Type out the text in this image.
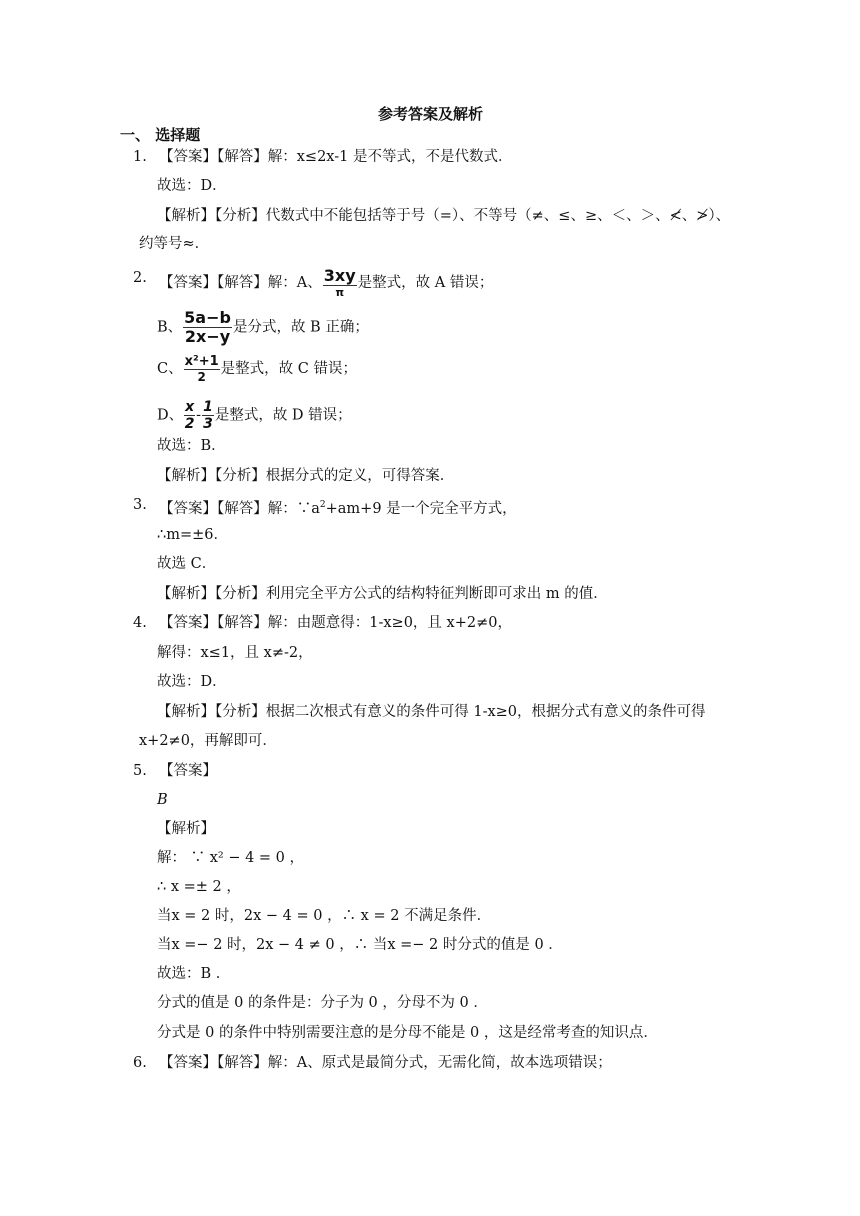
参考答案及解析
一、 选择题
1. 【答案】【解答】解：x≤2x-1 是不等式，不是代数式．
故选：D．
【解析】【分析】代数式中不能包括等于号（=）、不等号（≠、≤、≥、＜、＞、≮、≯）、
约等号≈．
2. 【答案】【解答】解：A、 $\frac{3xy}{\pi}$ 是整式，故 A 错误；
B、 $\frac{5a-b}{2x-y}$ 是分式，故 B 正确；
C、 $\frac{\text{x²+1}}{2}$ 是整式，故 C 错误；
D、 $\frac{x}{2} - \frac{1}{3}$ 是整式，故 D 错误；
故选：B．
【解析】【分析】根据分式的定义，可得答案．
3. 【答案】【解答】解：$\because a^2+am+9$ 是一个完全平方式，
∴m=±6．
故选 C．
【解析】【分析】利用完全平方公式的结构特征判断即可求出 m 的值．
4. 【答案】【解答】解：由题意得：1-x≥0，且 x+2≠0，
解得：x≤1，且 x≠-2，
故选：D．
【解析】【分析】根据二次根式有意义的条件可得 1-x≥0，根据分式有意义的条件可得
x+2≠0，再解即可．
5. 【答案】
B
【解析】
解： ∵ x² − 4 = 0 ，
∴ x =± 2 ，
当x = 2 时，2x − 4 = 0 ，∴ x = 2 不满足条件．
当x =− 2 时，2x − 4 ≠ 0 ，∴ 当x =− 2 时分式的值是 0 ．
故选：B ．
分式的值是 0 的条件是：分子为 0 ，分母不为 0 ．
分式是 0 的条件中特别需要注意的是分母不能是 0 ，这是经常考查的知识点．
6. 【答案】【解答】解：A、原式是最简分式，无需化简，故本选项错误；
